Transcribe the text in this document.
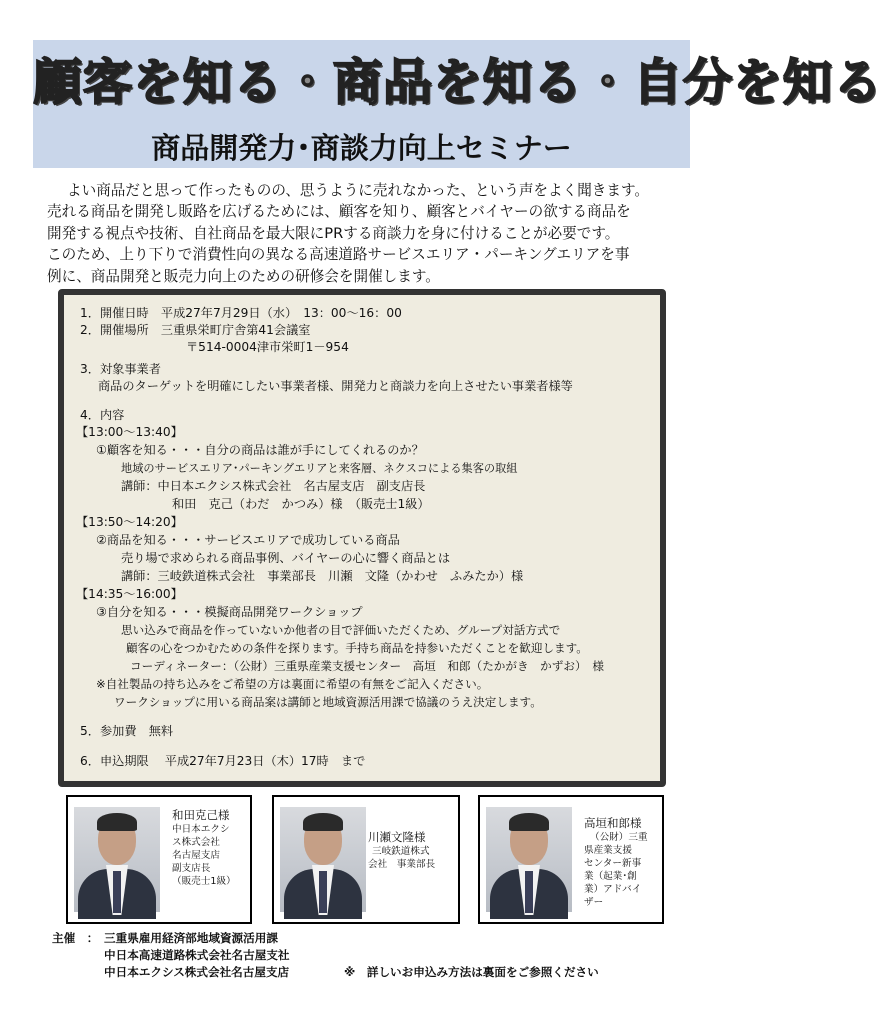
顧客を知る・商品を知る・自分を知る
商品開発力･商談力向上セミナー

よい商品だと思って作ったものの、思うように売れなかった、という声をよく聞きます。

売れる商品を開発し販路を広げるためには、顧客を知り、顧客とバイヤーの欲する商品を

開発する視点や技術、自社商品を最大限にPRする商談力を身に付けることが必要です。

このため、上り下りで消費性向の異なる高速道路サービスエリア・パーキングエリアを事

例に、商品開発と販売力向上のための研修会を開催します。

1．開催日時　平成27年7月29日（水）　13：00～16：00
2．開催場所　三重県栄町庁舎第41会議室
〒514-0004津市栄町1－954
3．対象事業者
商品のターゲットを明確にしたい事業者様、開発力と商談力を向上させたい事業者様等
4．内容
【13:00～13:40】
①顧客を知る・・・自分の商品は誰が手にしてくれるのか？
地域のサービスエリア･パーキングエリアと来客層、ネクスコによる集客の取組
講師：中日本エクシス株式会社　名古屋支店　副支店長
和田　克己（わだ　かつみ）様　（販売士1級）
【13:50～14:20】
②商品を知る・・・サービスエリアで成功している商品
売り場で求められる商品事例、バイヤーの心に響く商品とは
講師：三岐鉄道株式会社　事業部長　川瀬　文隆（かわせ　ふみたか）様
【14:35～16:00】
③自分を知る・・・模擬商品開発ワークショップ
思い込みで商品を作っていないか他者の目で評価いただくため、グループ対話方式で
顧客の心をつかむための条件を探ります。手持ち商品を持参いただくことを歓迎します。
コーディネーター：（公財）三重県産業支援センター　高垣　和郎（たかがき　かずお）　様
※自社製品の持ち込みをご希望の方は裏面に希望の有無をご記入ください。
ワークショップに用いる商品案は講師と地域資源活用課で協議のうえ決定します。
5．参加費　無料
6．申込期限　 平成27年7月23日（木）17時　まで
和田克己様
中日本エクシ
ス株式会社
名古屋支店
副支店長
（販売士1級）
川瀬文隆様
三岐鉄道株式
会社　事業部長
高垣和郎様
（公財）三重
県産業支援
センター新事
業（起業･創
業）アドバイ
ザー
主催　： 三重県雇用経済部地域資源活用課
中日本高速道路株式会社名古屋支社
中日本エクシス株式会社名古屋支店	※　詳しいお申込み方法は裏面をご参照ください
